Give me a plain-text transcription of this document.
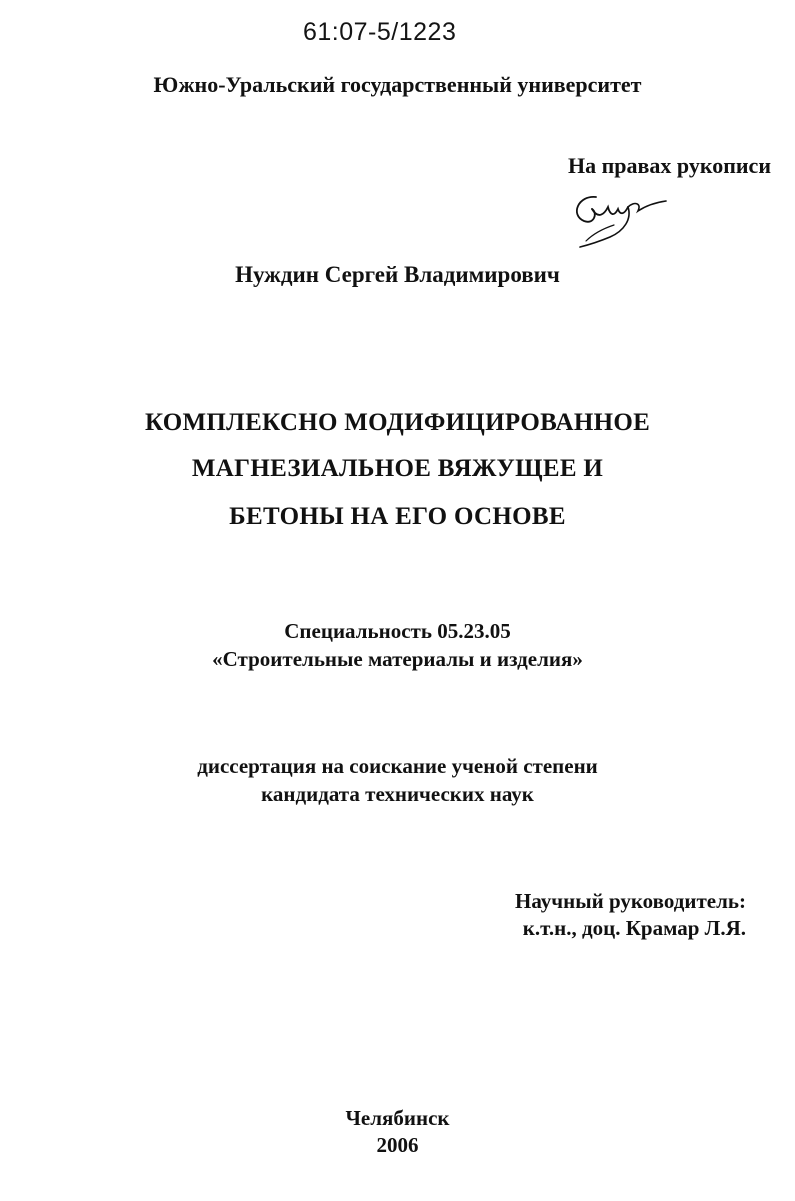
61:07-5/1223
Южно-Уральский государственный университет
На правах рукописи
Нуждин Сергей Владимирович
КОМПЛЕКСНО МОДИФИЦИРОВАННОЕ
МАГНЕЗИАЛЬНОЕ ВЯЖУЩЕЕ И
БЕТОНЫ НА ЕГО ОСНОВЕ
Специальность 05.23.05
«Строительные материалы и изделия»
диссертация на соискание ученой степени
кандидата технических наук
Научный руководитель:
к.т.н., доц. Крамар Л.Я.
Челябинск
2006
